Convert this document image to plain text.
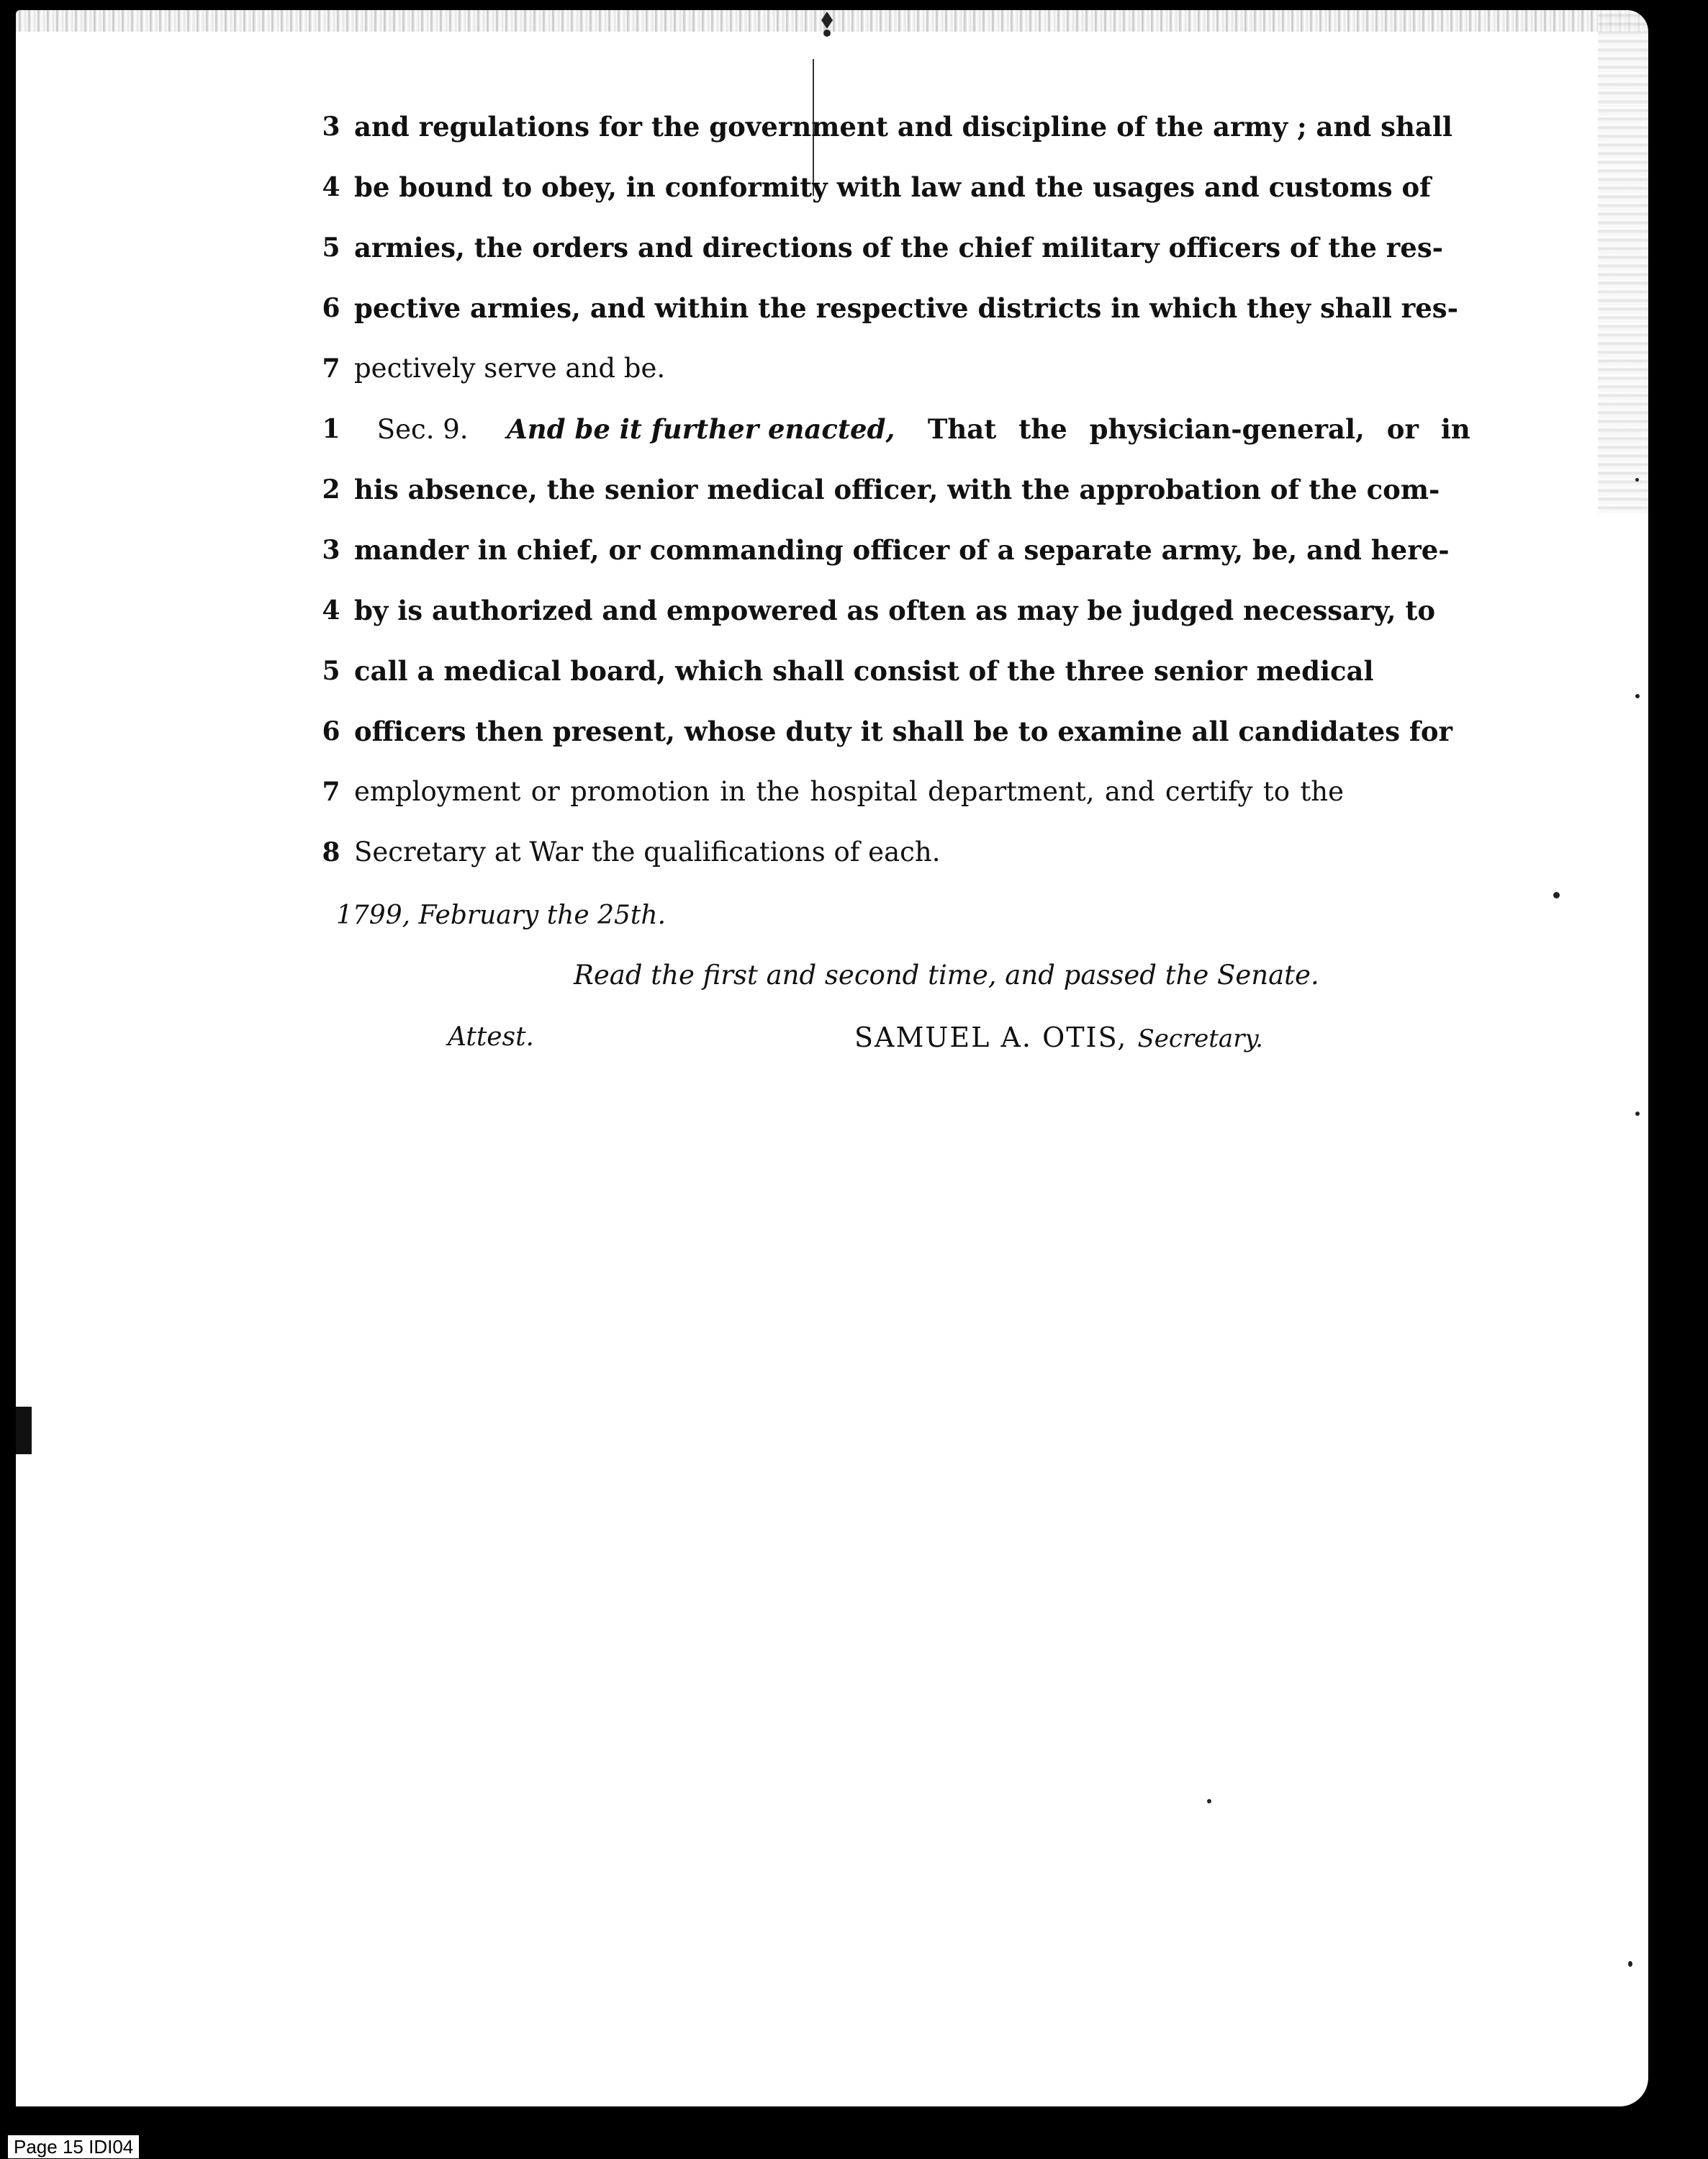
3 and regulations for the government and discipline of the army ; and shall
4 be bound to obey, in conformity with law and the usages and customs of
5 armies, the orders and directions of the chief military officers of the res-
6 pective armies, and within the respective districts in which they shall res-
7 pectively serve and be.
1	Sec. 9. And be it further enacted, That the physician-general, or in
2 his absence, the senior medical officer, with the approbation of the com-
3 mander in chief, or commanding officer of a separate army, be, and here-
4 by is authorized and empowered as often as may be judged necessary, to
5 call a medical board, which shall consist of the three senior medical
6 officers then present, whose duty it shall be to examine all candidates for
7 employment or promotion in the hospital department, and certify to the
8 Secretary at War the qualifications of each.
1799, February the 25th.
Read the first and second time, and passed the Senate.
Attest.	SAMUEL A. OTIS, Secretary.
Page 15 IDI04
